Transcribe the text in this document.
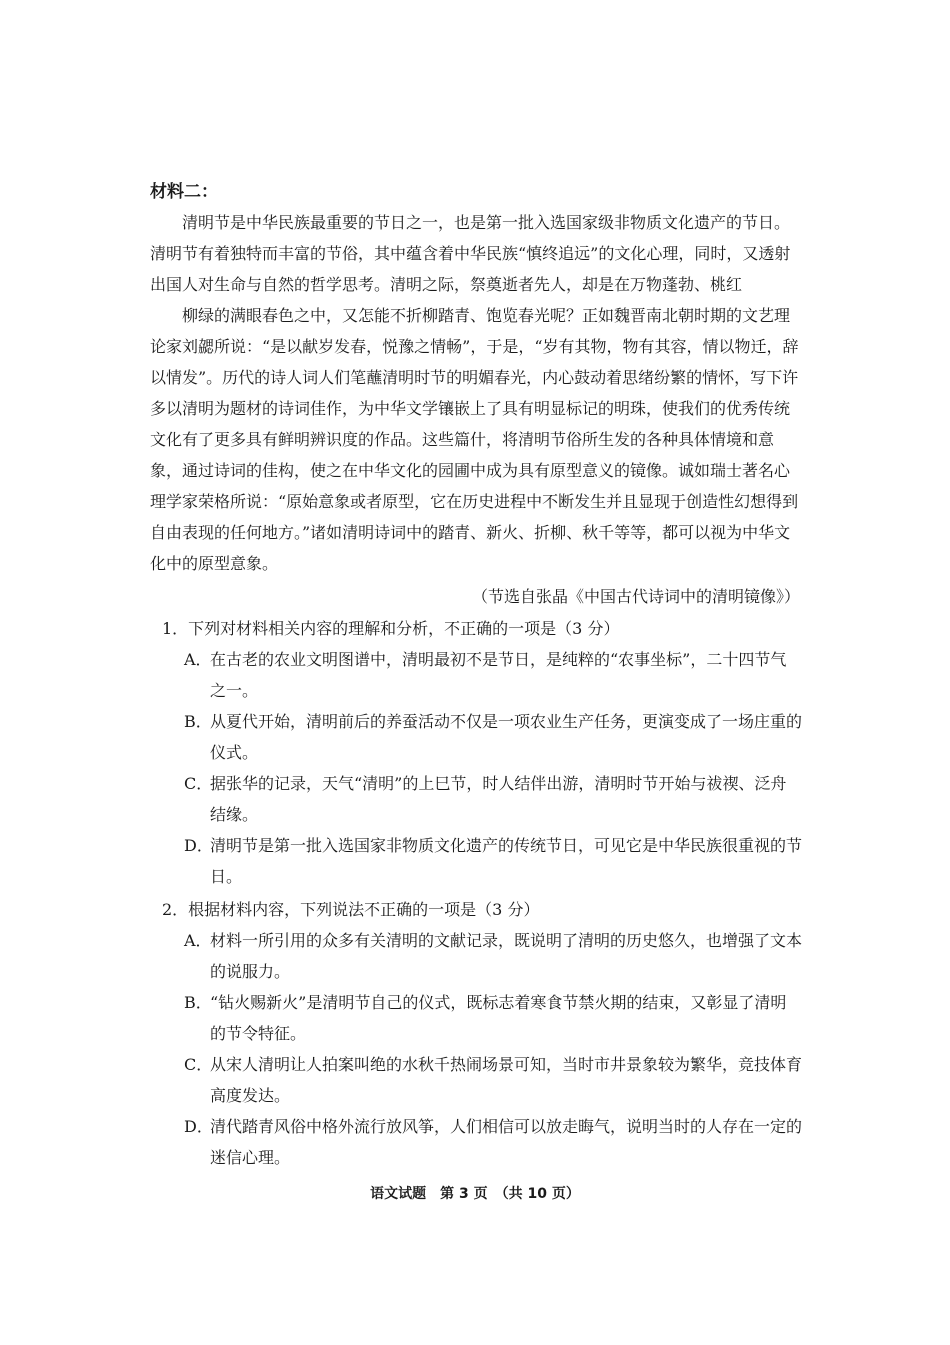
材料二：

清明节是中华民族最重要的节日之一，也是第一批入选国家级非物质文化遗产的节日。清明节有着独特而丰富的节俗，其中蕴含着中华民族“慎终追远”的文化心理，同时，又透射出国人对生命与自然的哲学思考。清明之际，祭奠逝者先人，却是在万物蓬勃、桃红

柳绿的满眼春色之中，又怎能不折柳踏青、饱览春光呢？正如魏晋南北朝时期的文艺理论家刘勰所说：“是以献岁发春，悦豫之情畅”，于是，“岁有其物，物有其容，情以物迁，辞以情发”。历代的诗人词人们笔蘸清明时节的明媚春光，内心鼓动着思绪纷繁的情怀，写下许多以清明为题材的诗词佳作，为中华文学镶嵌上了具有明显标记的明珠，使我们的优秀传统文化有了更多具有鲜明辨识度的作品。这些篇什，将清明节俗所生发的各种具体情境和意象，通过诗词的佳构，使之在中华文化的园圃中成为具有原型意义的镜像。诚如瑞士著名心理学家荣格所说：“原始意象或者原型，它在历史进程中不断发生并且显现于创造性幻想得到自由表现的任何地方。”诸如清明诗词中的踏青、新火、折柳、秋千等等，都可以视为中华文化中的原型意象。

（节选自张晶《中国古代诗词中的清明镜像》）

1．下列对材料相关内容的理解和分析，不正确的一项是（3 分）

A．
在古老的农业文明图谱中，清明最初不是节日，是纯粹的“农事坐标”，二十四节气之一。
B．
从夏代开始，清明前后的养蚕活动不仅是一项农业生产任务，更演变成了一场庄重的仪式。
C．
据张华的记录，天气“清明”的上巳节，时人结伴出游，清明时节开始与祓禊、泛舟结缘。
D．
清明节是第一批入选国家非物质文化遗产的传统节日，可见它是中华民族很重视的节日。

2．根据材料内容，下列说法不正确的一项是（3 分）

A．
材料一所引用的众多有关清明的文献记录，既说明了清明的历史悠久，也增强了文本的说服力。
B．
“钻火赐新火”是清明节自己的仪式，既标志着寒食节禁火期的结束，又彰显了清明的节令特征。
C．
从宋人清明让人拍案叫绝的水秋千热闹场景可知，当时市井景象较为繁华，竞技体育高度发达。
D．
清代踏青风俗中格外流行放风筝，人们相信可以放走晦气，说明当时的人存在一定的迷信心理。
语文试题　第 3 页　（共 10 页）
